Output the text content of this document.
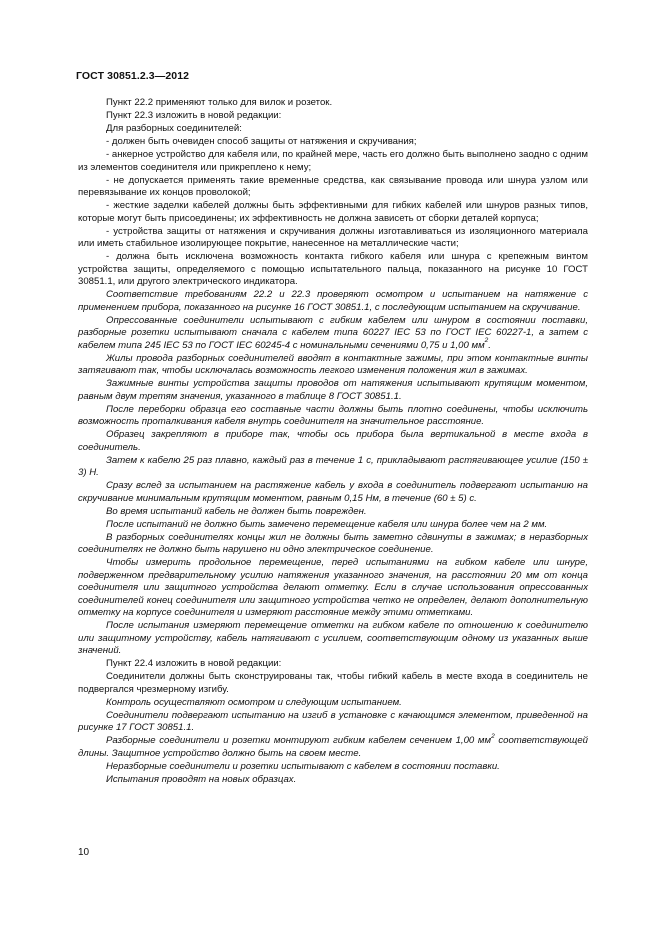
ГОСТ 30851.2.3—2012
Пункт 22.2 применяют только для вилок и розеток.
Пункт 22.3 изложить в новой редакции:
Для разборных соединителей:
- должен быть очевиден способ защиты от натяжения и скручивания;
- анкерное устройство для кабеля или, по крайней мере, часть его должно быть выполнено заодно с одним из элементов соединителя или прикреплено к нему;
- не допускается применять такие временные средства, как связывание провода или шнура узлом или перевязывание их концов проволокой;
- жесткие заделки кабелей должны быть эффективными для гибких кабелей или шнуров разных типов, которые могут быть присоединены; их эффективность не должна зависеть от сборки деталей корпуса;
- устройства защиты от натяжения и скручивания должны изготавливаться из изоляционного материала или иметь стабильное изолирующее покрытие, нанесенное на металлические части;
- должна быть исключена возможность контакта гибкого кабеля или шнура с крепежным винтом устройства защиты, определяемого с помощью испытательного пальца, показанного на рисунке 10 ГОСТ 30851.1, или другого электрического индикатора.
Соответствие требованиям 22.2 и 22.3 проверяют осмотром и испытанием на натяжение с применением прибора, показанного на рисунке 16 ГОСТ 30851.1, с последующим испытанием на скручивание.
Опрессованные соединители испытывают с гибким кабелем или шнуром в состоянии поставки, разборные розетки испытывают сначала с кабелем типа 60227 IEC 53 по ГОСТ IEC 60227-1, а затем с кабелем типа 245 IEC 53 по ГОСТ IEC 60245-4 с номинальными сечениями 0,75 и 1,00 $мм^2$.
Жилы провода разборных соединителей вводят в контактные зажимы, при этом контактные винты затягивают так, чтобы исключалась возможность легкого изменения положения жил в зажимах.
Зажимные винты устройства защиты проводов от натяжения испытывают крутящим моментом, равным двум третям значения, указанного в таблице 8 ГОСТ 30851.1.
После переборки образца его составные части должны быть плотно соединены, чтобы исключить возможность проталкивания кабеля внутрь соединителя на значительное расстояние.
Образец закрепляют в приборе так, чтобы ось прибора была вертикальной в месте входа в соединитель.
Затем к кабелю 25 раз плавно, каждый раз в течение 1 с, прикладывают растягивающее усилие (150 ± 3) Н.
Сразу вслед за испытанием на растяжение кабель у входа в соединитель подвергают испытанию на скручивание минимальным крутящим моментом, равным 0,15 Нм, в течение (60 ± 5) с.
Во время испытаний кабель не должен быть поврежден.
После испытаний не должно быть замечено перемещение кабеля или шнура более чем на 2 мм.
В разборных соединителях концы жил не должны быть заметно сдвинуты в зажимах; в неразборных соединителях не должно быть нарушено ни одно электрическое соединение.
Чтобы измерить продольное перемещение, перед испытаниями на гибком кабеле или шнуре, подверженном предварительному усилию натяжения указанного значения, на расстоянии 20 мм от конца соединителя или защитного устройства делают отметку. Если в случае использования опрессованных соединителей конец соединителя или защитного устройства четко не определен, делают дополнительную отметку на корпусе соединителя и измеряют расстояние между этими отметками.
После испытания измеряют перемещение отметки на гибком кабеле по отношению к соединителю или защитному устройству, кабель натягивают с усилием, соответствующим одному из указанных выше значений.
Пункт 22.4 изложить в новой редакции:
Соединители должны быть сконструированы так, чтобы гибкий кабель в месте входа в соединитель не подвергался чрезмерному изгибу.
Контроль осуществляют осмотром и следующим испытанием.
Соединители подвергают испытанию на изгиб в установке с качающимся элементом, приведенной на рисунке 17 ГОСТ 30851.1.
Разборные соединители и розетки монтируют гибким кабелем сечением 1,00 $мм^2$ соответствующей длины. Защитное устройство должно быть на своем месте.
Неразборные соединители и розетки испытывают с кабелем в состоянии поставки.
Испытания проводят на новых образцах.
10
